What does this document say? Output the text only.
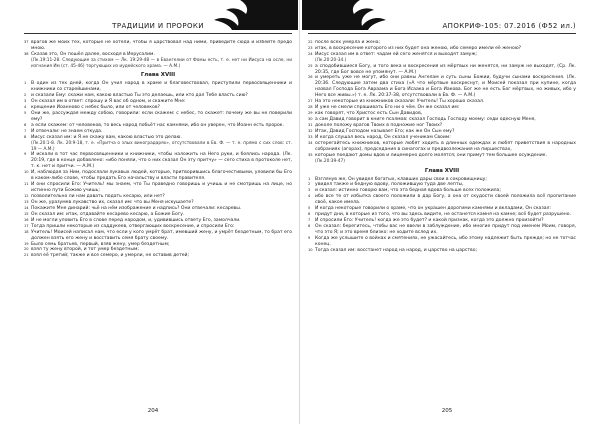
ТРАДИЦИИ И ПРОРОКИ
37 врагов же моих тех, которые не хотели, чтобы я царствовал над ними, приведите сюда и избейте предо мною.
38 Сказав это, Он пошёл далее, восходя в Иерусалим.
(Лк.19:11-28. Следующие за стихом — Лк. 19:29-48 — в Евангелии от Фомы есть, т. е. нет ни Иисуса на осле, ни изгнания Им (ст. 45-46) торгующих из иудейского храма. — А.М.)
Глава XVIII
1 В один из тех дней, когда Он учил народ в храме и благовествовал, приступили первосвященники и книжники со старейшинами,
2 и сказали Ему: скажи нам, какою властью Ты это делаешь, или кто дал Тебе власть сию?
3 Он сказал им в ответ: спрошу и Я вас об одном, и скажите Мне:
4 крещение Иоанново с небес было, или от человеков?
5 Они же, рассуждая между собою, говорили: если скажем: с небес, то скажет: почему же вы не поверили ему?
6 а если скажем: от человеков, то весь народ побьёт нас камнями, ибо он уверен, что Иоанн есть пророк.
7 И отвечали: не знаем откуда.
8 Иисус сказал им: и Я не скажу вам, какою властью это делаю.
(Лк.20:1-8. Лк. 20:9-18, т. е. «Притча о злых виноградарях», отсутствовали в Ев. Ф. — т. е. прямо с сих слов: ст. 19 — А.М.)
9 И искали в тот час первосвященники и книжники, чтобы наложить на Него руки, и боялись народа. (Лк. 20:19, где в конце добавлено: «ибо поняли, что о них сказал Он эту притчу» — сего стиха в протоколе нет, т. к. нет и притчи. — А.М.)
10 И, наблюдая за Ним, подослали лукавых людей, которые, притворившись благочестивыми, уловили бы Его в каком-либо слове, чтобы предать Его начальству и власти правителя.
11 И они спросили Его: Учитель! мы знаем, что Ты праведно говоришь и учишь и не смотришь на лице, но истинно пути Божию учишь;
12 позволительно ли нам давать подать кесарю, или нет?
13 Он же, уразумев лукавство их, сказал им: что вы Меня искушаете?
14 Покажите Мне динарий: чьё на нём изображение и надпись? Они отвечали: кесаревы.
15 Он сказал им: итак, отдавайте кесарево кесарю, а Божие Богу.
16 И не могли уловить Его в слове перед народом, и, удивившись ответу Его, замолчали.
17 Тогда пришли некоторые из саддукеев, отвергающих воскресение, и спросили Его:
18 Учитель! Моисей написал нам, что если у кого умрёт брат, имевший жену, и умрёт бездетным, то брат его должен взять его жену и восставить семя брату своему.
19 Было семь братьев, первый, взяв жену, умер бездетным;
20 взял ту жену второй, и тот умер бездетным;
21 взял её третий; также и все семеро, и умерли, не оставив детей;
204
АПОКРИФ-105: 07.2016 (Ф52 ил.)
22 после всех умерла и жена;
23 итак, в воскресение которого из них будет она женою, ибо семеро имели её женою?
24 Иисус сказал им в ответ: чадам ей сего женятся и выходят замуж;
(Лк.20:20-34.)
25 а сподобившиеся Богу, и того века и воскресения из мёртвых ни женятся, ни замуж не выходят, (Ср. Лк. 20:35, где Бог вовсе не упомянут. — А.М.)
26 и умереть уже не могут, ибо они равны Ангелам и суть сыны Божии, будучи сынами воскресения. (Лк. 20:36. Следующие затем два стиха («А что мёртвые воскреснут, и Моисей показал при купине, когда назвал Господа Бога Авраама и Бога Исаака и Бога Иакова. Бог же не есть Бог мёртвых, но живых, ибо у Него все живы.») т. е. Лк. 20:37-38, отсутствовали в Ев. Ф. — А.М.)
27 На это некоторые из книжников сказали: Учитель! Ты хорошо сказал.
28 И уже не смели спрашивать Его ни о чём. Он же сказал им:
29 как говорят, что Христос есть Сын Давидов,
30 а сам Давид говорит в книге псалмов: сказал Господь Господу моему: седи одесную Меня,
31 доколе положу врагов Твоих в подножие ног Твоих?
32 Итак, Давид Господом называет Его; как же Он Сын ему?
33 И когда слушал весь народ, Он сказал ученикам Своим:
34 остерегайтесь книжников, которые любят ходить в длинных одеждах и любят приветствия в народных собраниях (агорах), председания в синагогах и предвозлежания на пиршествах,
35 которые поедают домы вдов и лицемерно долго молятся; они примут тем большее осуждение.
(Лк.20:39-47)
Глава XVIII
1 Взглянув же, Он увидел богатых, клавших дары свои в сокровищницу;
2 увидел также и бедную вдову, положившую туда две лепты,
3 и сказал: истинно говорю вам, что эта бедная вдова больше всех положила;
4 ибо все те от избытка своего положили в дар Богу, а она от скудости своей положила всё пропитание своё, какое имела.
5 И когда некоторые говорили о храме, что он украшен дорогими камнями и вкладами, Он сказал:
6 придут дни, в которые из того, что вы здесь видите, не останется камня на камне; всё будет разрушено.
7 И спросили Его: Учитель! когда же это будет? и какой признак, когда это должно произойти?
8 Он сказал: берегитесь, чтобы вас не ввели в заблуждение, ибо многие придут под именем Моим, говоря, что это Я; и это время близко: не ходите вслед их.
9 Когда же услышите о войнах и смятениях, не ужасайтесь, ибо этому надлежит быть прежде; но не тотчас конец.
10 Тогда сказал им: восстанет народ на народ, и царство на царство;
205
